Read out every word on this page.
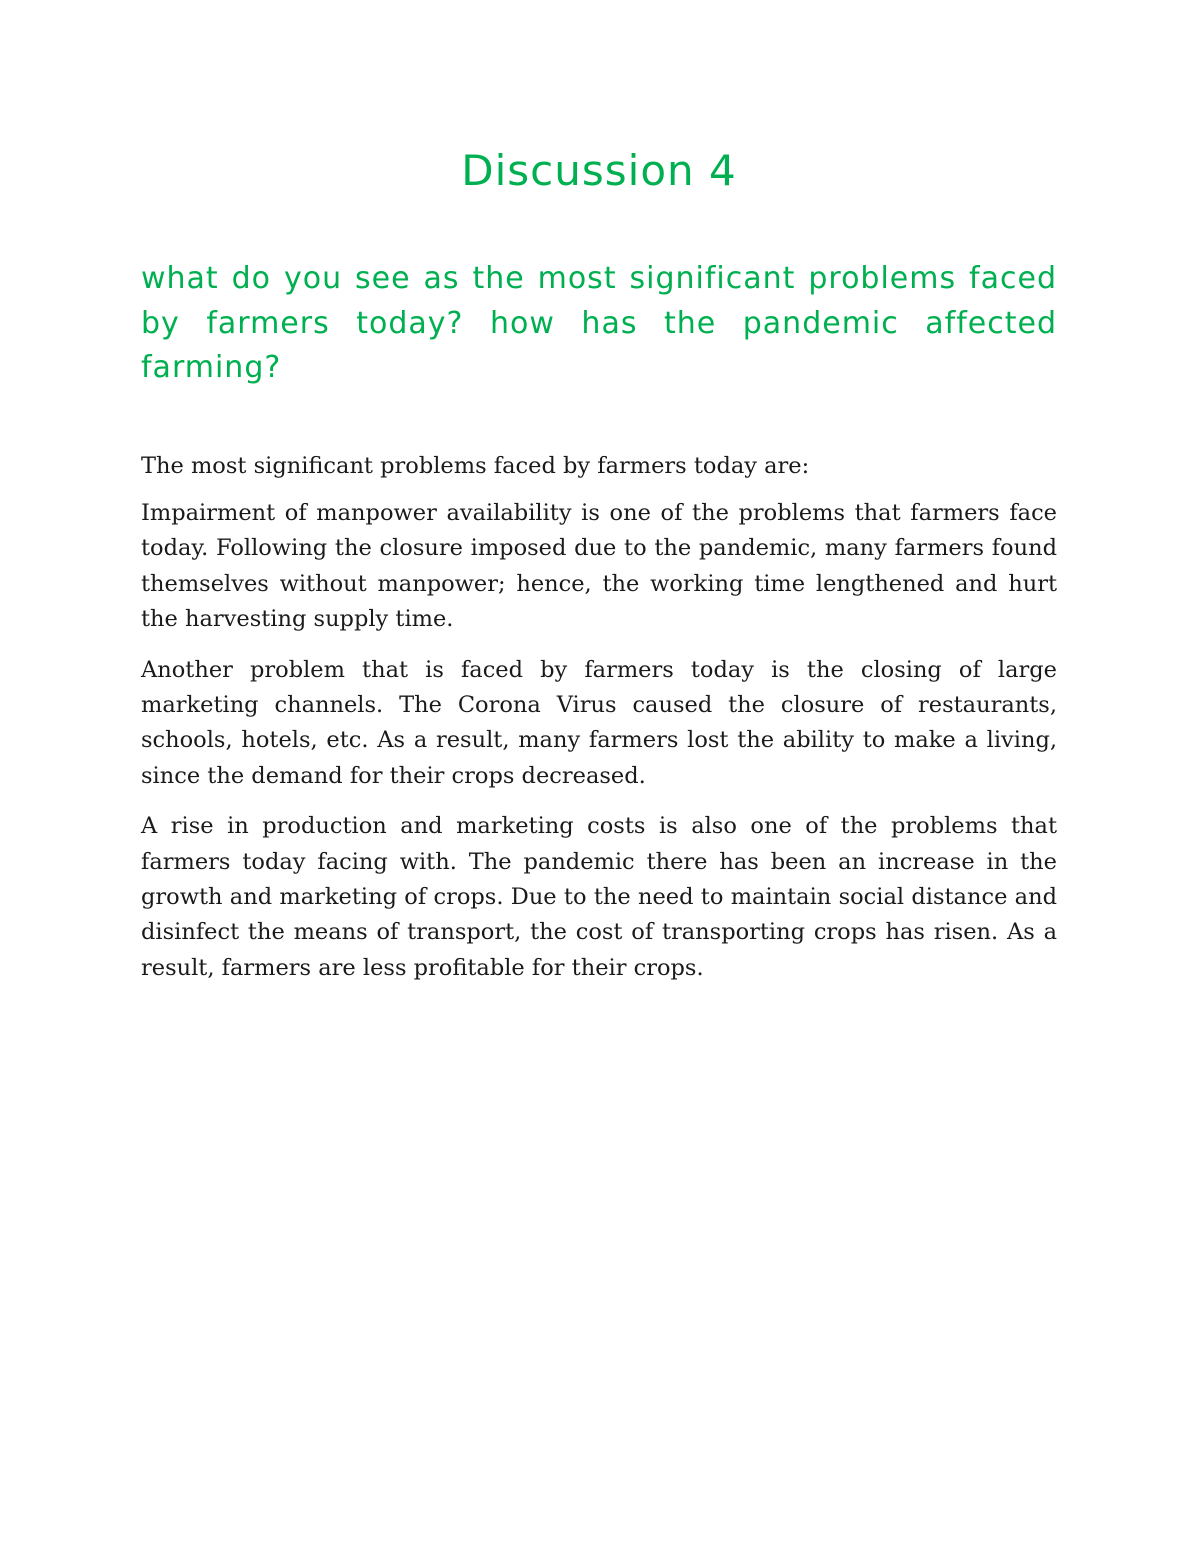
Discussion 4

what do you see as the most significant problems faced by farmers today? how has the pandemic affected farming?

The most significant problems faced by farmers today are:

Impairment of manpower availability is one of the problems that farmers face today. Following the closure imposed due to the pandemic, many farmers found themselves without manpower; hence, the working time lengthened and hurt the harvesting supply time.

Another problem that is faced by farmers today is the closing of large marketing channels. The Corona Virus caused the closure of restaurants, schools, hotels, etc. As a result, many farmers lost the ability to make a living, since the demand for their crops decreased.

A rise in production and marketing costs is also one of the problems that farmers today facing with. The pandemic there has been an increase in the growth and marketing of crops. Due to the need to maintain social distance and disinfect the means of transport, the cost of transporting crops has risen. As a result, farmers are less profitable for their crops.
